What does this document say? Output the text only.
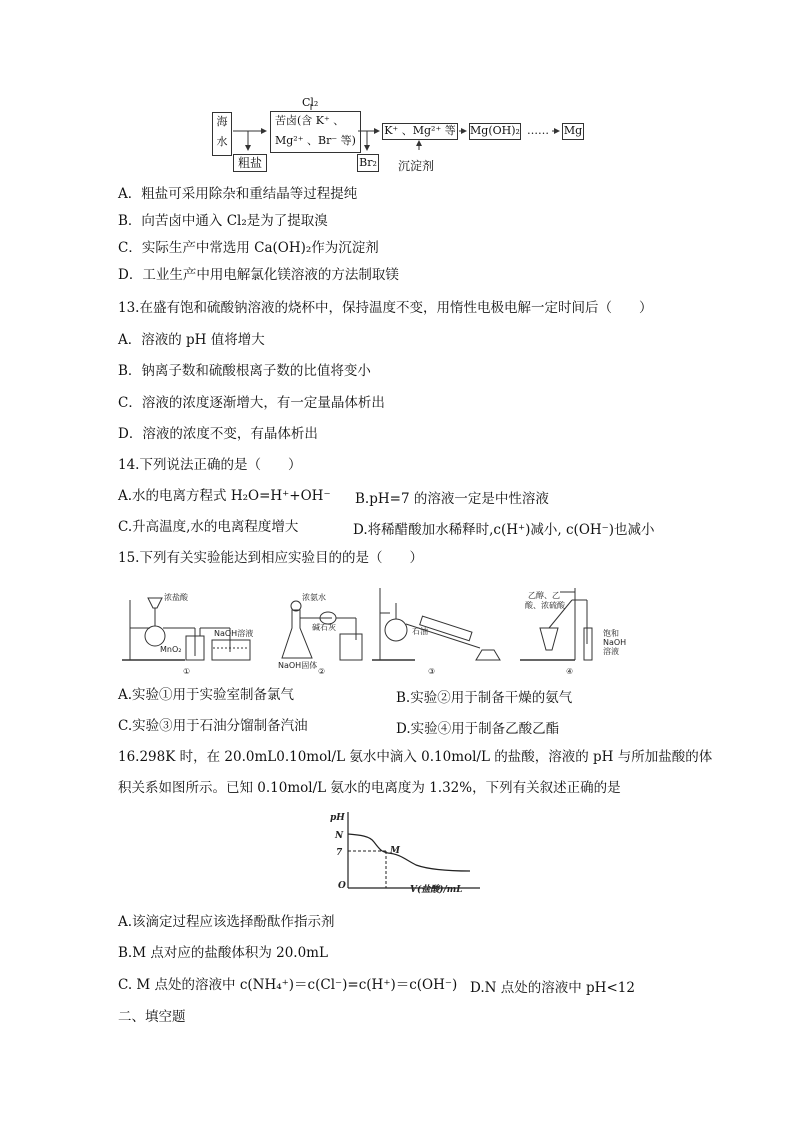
海
水
Cl₂
苦卤(含 K⁺ 、
Mg²⁺ 、Br⁻ 等)
粗盐	Br₂
K⁺ 、Mg²⁺ 等
沉淀剂
Mg(OH)₂ …… Mg
A．粗盐可采用除杂和重结晶等过程提纯
B．向苦卤中通入 Cl₂是为了提取溴
C．实际生产中常选用 Ca(OH)₂作为沉淀剂
D．工业生产中用电解氯化镁溶液的方法制取镁
13.在盛有饱和硫酸钠溶液的烧杯中，保持温度不变，用惰性电极电解一定时间后（　　）
A．溶液的 pH 值将增大
B．钠离子数和硫酸根离子数的比值将变小
C．溶液的浓度逐渐增大，有一定量晶体析出
D．溶液的浓度不变，有晶体析出
14.下列说法正确的是（　　）
A.水的电离方程式 H₂O=H⁺+OH⁻ B.pH=7 的溶液一定是中性溶液
C.升高温度,水的电离程度增大	D.将稀醋酸加水稀释时,c(H⁺)减小, c(OH⁻)也减小
15.下列有关实验能达到相应实验目的的是（　　）
浓盐酸
MnO₂
NaOH溶液
浓氨水
碱石灰
NaOH固体
石油
乙醇、乙
酸、浓硫酸
饱和
NaOH
溶液
①	②	③	④
A.实验①用于实验室制备氯气	B.实验②用于制备干燥的氨气
C.实验③用于石油分馏制备汽油	D.实验④用于制备乙酸乙酯
16.298K 时，在 20.0mL0.10mol/L 氨水中滴入 0.10mol/L 的盐酸，溶液的 pH 与所加盐酸的体
积关系如图所示。已知 0.10mol/L 氨水的电离度为 1.32%，下列有关叙述正确的是
pH
N
7	M
O	V(盐酸)/mL
A.该滴定过程应该选择酚酞作指示剂
B.M 点对应的盐酸体积为 20.0mL
C. M 点处的溶液中 c(NH₄⁺)＝c(Cl⁻)=c(H⁺)＝c(OH⁻) D.N 点处的溶液中 pH<12
二、填空题
